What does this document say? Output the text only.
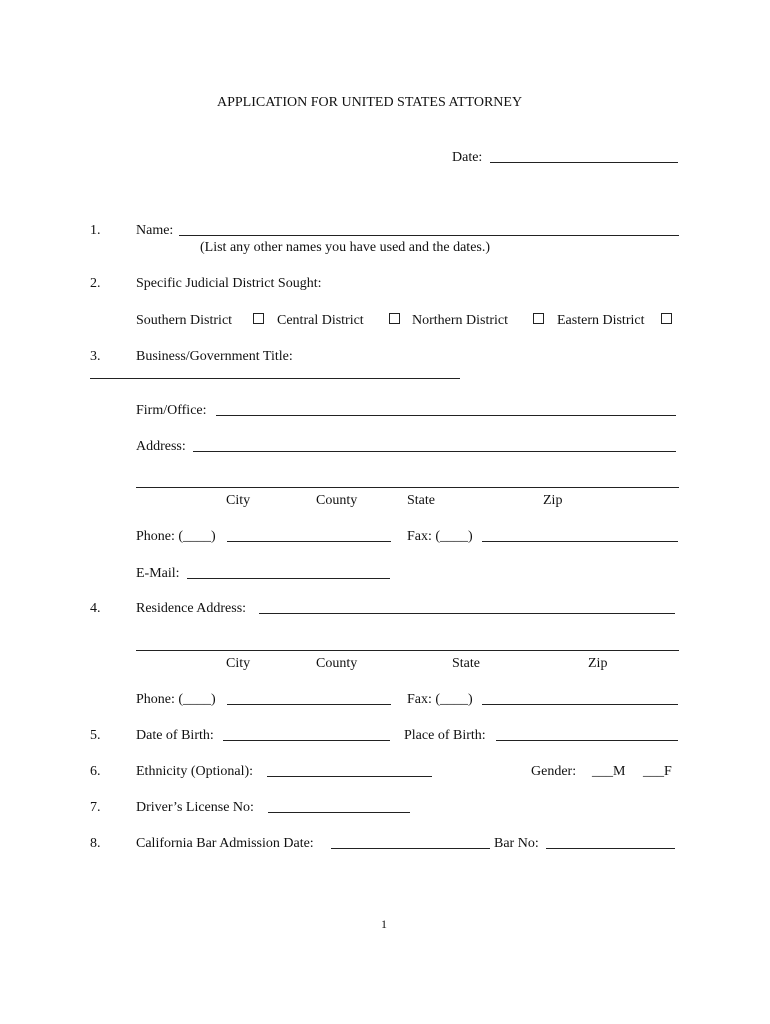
APPLICATION FOR UNITED STATES ATTORNEY
Date:
1.	Name:
(List any other names you have used and the dates.)
2.	Specific Judicial District Sought:
Southern District	Central District	Northern District	Eastern District
3.	Business/Government Title:
Firm/Office:
Address:
City	County	State	Zip
Phone: (____)	Fax: (____)
E-Mail:
4.	Residence Address:
City	County	State	Zip
Phone: (____)	Fax: (____)
5.	Date of Birth:	Place of Birth:
6.	Ethnicity (Optional):	Gender: ___M ___F
7.	Driver’s License No:
8.	California Bar Admission Date:	Bar No:
1
